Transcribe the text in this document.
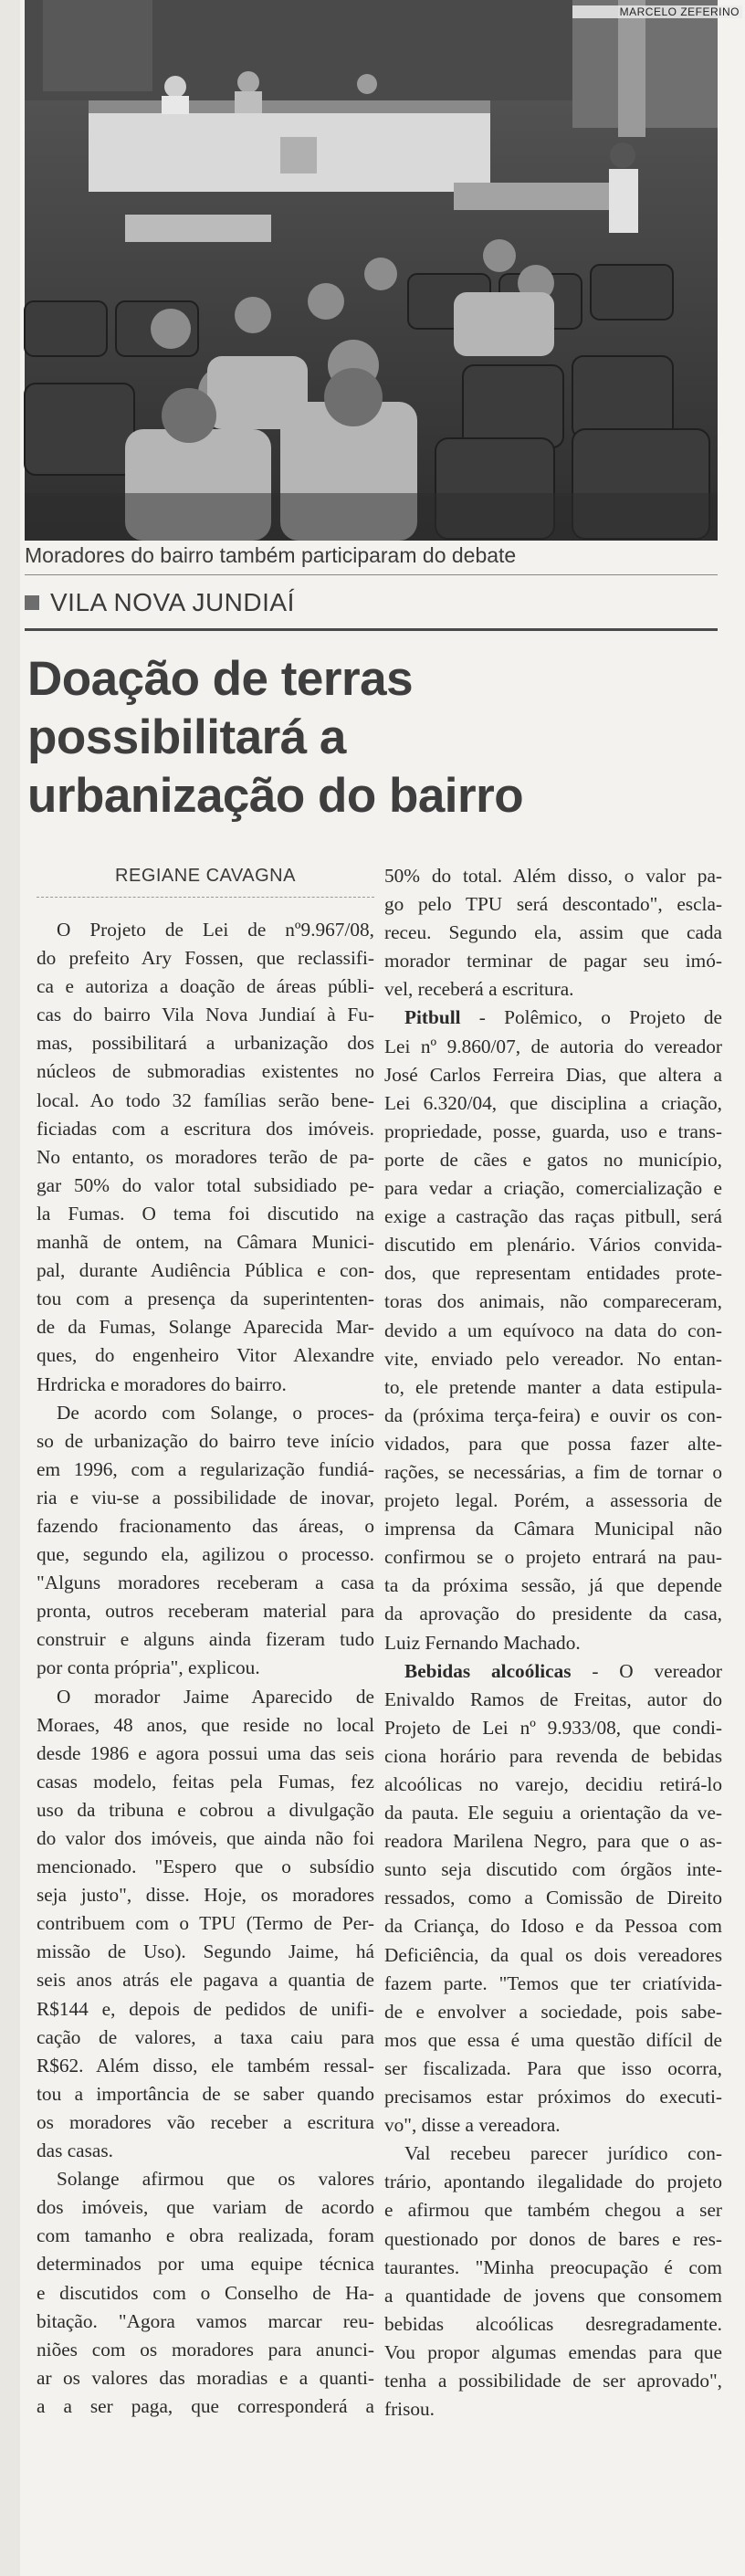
MARCELO ZEFERINO
Moradores do bairro também participaram do debate
VILA NOVA JUNDIAÍ
Doação de terras
possibilitará a
urbanização do bairro
REGIANE CAVAGNA

O Projeto de Lei de nº9.967/08,
do prefeito Ary Fossen, que reclassifi-
ca e autoriza a doação de áreas públi-
cas do bairro Vila Nova Jundiaí à Fu-
mas, possibilitará a urbanização dos
núcleos de submoradias existentes no
local. Ao todo 32 famílias serão bene-
ficiadas com a escritura dos imóveis.
No entanto, os moradores terão de pa-
gar 50% do valor total subsidiado pe-
la Fumas. O tema foi discutido na
manhã de ontem, na Câmara Munici-
pal, durante Audiência Pública e con-
tou com a presença da superintenten-
de da Fumas, Solange Aparecida Mar-
ques, do engenheiro Vitor Alexandre
Hrdricka e moradores do bairro.

De acordo com Solange, o proces-
so de urbanização do bairro teve início
em 1996, com a regularização fundiá-
ria e viu-se a possibilidade de inovar,
fazendo fracionamento das áreas, o
que, segundo ela, agilizou o processo.
"Alguns moradores receberam a casa
pronta, outros receberam material para
construir e alguns ainda fizeram tudo
por conta própria", explicou.

O morador Jaime Aparecido de
Moraes, 48 anos, que reside no local
desde 1986 e agora possui uma das seis
casas modelo, feitas pela Fumas, fez
uso da tribuna e cobrou a divulgação
do valor dos imóveis, que ainda não foi
mencionado. "Espero que o subsídio
seja justo", disse. Hoje, os moradores
contribuem com o TPU (Termo de Per-
missão de Uso). Segundo Jaime, há
seis anos atrás ele pagava a quantia de
R$144 e, depois de pedidos de unifi-
cação de valores, a taxa caiu para
R$62. Além disso, ele também ressal-
tou a importância de se saber quando
os moradores vão receber a escritura
das casas.

Solange afirmou que os valores
dos imóveis, que variam de acordo
com tamanho e obra realizada, foram
determinados por uma equipe técnica
e discutidos com o Conselho de Ha-
bitação. "Agora vamos marcar reu-
niões com os moradores para anunci-
ar os valores das moradias e a quanti-
a a ser paga, que corresponderá a

50% do total. Além disso, o valor pa-
go pelo TPU será descontado", escla-
receu. Segundo ela, assim que cada
morador terminar de pagar seu imó-
vel, receberá a escritura.

Pitbull - Polêmico, o Projeto de
Lei nº 9.860/07, de autoria do vereador
José Carlos Ferreira Dias, que altera a
Lei 6.320/04, que disciplina a criação,
propriedade, posse, guarda, uso e trans-
porte de cães e gatos no município,
para vedar a criação, comercialização e
exige a castração das raças pitbull, será
discutido em plenário. Vários convida-
dos, que representam entidades prote-
toras dos animais, não compareceram,
devido a um equívoco na data do con-
vite, enviado pelo vereador. No entan-
to, ele pretende manter a data estipula-
da (próxima terça-feira) e ouvir os con-
vidados, para que possa fazer alte-
rações, se necessárias, a fim de tornar o
projeto legal. Porém, a assessoria de
imprensa da Câmara Municipal não
confirmou se o projeto entrará na pau-
ta da próxima sessão, já que depende
da aprovação do presidente da casa,
Luiz Fernando Machado.

Bebidas alcoólicas - O vereador
Enivaldo Ramos de Freitas, autor do
Projeto de Lei nº 9.933/08, que condi-
ciona horário para revenda de bebidas
alcoólicas no varejo, decidiu retirá-lo
da pauta. Ele seguiu a orientação da ve-
readora Marilena Negro, para que o as-
sunto seja discutido com órgãos inte-
ressados, como a Comissão de Direito
da Criança, do Idoso e da Pessoa com
Deficiência, da qual os dois vereadores
fazem parte. "Temos que ter criatívida-
de e envolver a sociedade, pois sabe-
mos que essa é uma questão difícil de
ser fiscalizada. Para que isso ocorra,
precisamos estar próximos do executi-
vo", disse a vereadora.

Val recebeu parecer jurídico con-
trário, apontando ilegalidade do projeto
e afirmou que também chegou a ser
questionado por donos de bares e res-
taurantes. "Minha preocupação é com
a quantidade de jovens que consomem
bebidas alcoólicas desregradamente.
Vou propor algumas emendas para que
tenha a possibilidade de ser aprovado",
frisou.
